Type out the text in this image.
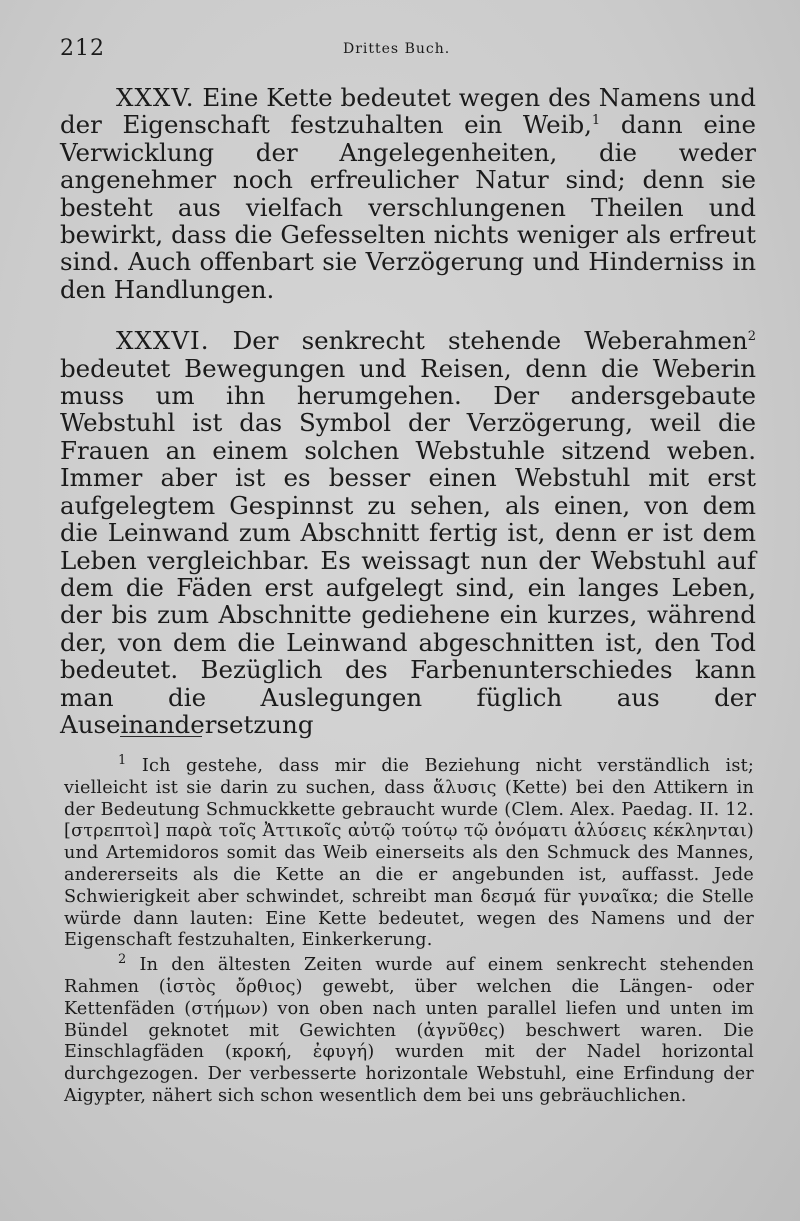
212	Drittes Buch.

XXXV. Eine Kette bedeutet wegen des Namens und der Eigenschaft festzuhalten ein Weib,$^1$ dann eine Verwicklung der Angelegenheiten, die weder angenehmer noch erfreulicher Natur sind; denn sie besteht aus vielfach verschlungenen Theilen und bewirkt, dass die Gefesselten nichts weniger als erfreut sind. Auch offenbart sie Verzögerung und Hinderniss in den Handlungen.

XXXVI. Der senkrecht stehende Weberahmen$^2$ bedeutet Bewegungen und Reisen, denn die Weberin muss um ihn herumgehen. Der andersgebaute Webstuhl ist das Symbol der Verzögerung, weil die Frauen an einem solchen Webstuhle sitzend weben. Immer aber ist es besser einen Webstuhl mit erst aufgelegtem Gespinnst zu sehen, als einen, von dem die Leinwand zum Abschnitt fertig ist, denn er ist dem Leben vergleichbar. Es weissagt nun der Webstuhl auf dem die Fäden erst aufgelegt sind, ein langes Leben, der bis zum Abschnitte gediehene ein kurzes, während der, von dem die Leinwand abgeschnitten ist, den Tod bedeutet. Bezüglich des Farbenunterschiedes kann man die Auslegungen füglich aus der Auseinandersetzung

$^1$ Ich gestehe, dass mir die Beziehung nicht verständlich ist; vielleicht ist sie darin zu suchen, dass ἅλυσις (Kette) bei den Attikern in der Bedeutung Schmuckkette gebraucht wurde (Clem. Alex. Paedag. II. 12. [στρεπτοὶ] παρὰ τοῖς Ἀττικοῖς αὐτῷ τούτῳ τῷ ὀνόματι ἁλύσεις κέκληνται) und Artemidoros somit das Weib einerseits als den Schmuck des Mannes, andererseits als die Kette an die er angebunden ist, auffasst. Jede Schwierigkeit aber schwindet, schreibt man δεσμά für γυναῖκα; die Stelle würde dann lauten: Eine Kette bedeutet, wegen des Namens und der Eigenschaft festzuhalten, Einkerkerung.

$^2$ In den ältesten Zeiten wurde auf einem senkrecht stehenden Rahmen (ἱστὸς ὄρθιος) gewebt, über welchen die Längen- oder Kettenfäden (στήμων) von oben nach unten parallel liefen und unten im Bündel geknotet mit Gewichten (ἀγνῦθες) beschwert waren. Die Einschlagfäden (κροκή, ἐφυγή) wurden mit der Nadel horizontal durchgezogen. Der verbesserte horizontale Webstuhl, eine Erfindung der Aigypter, nähert sich schon wesentlich dem bei uns gebräuchlichen.
